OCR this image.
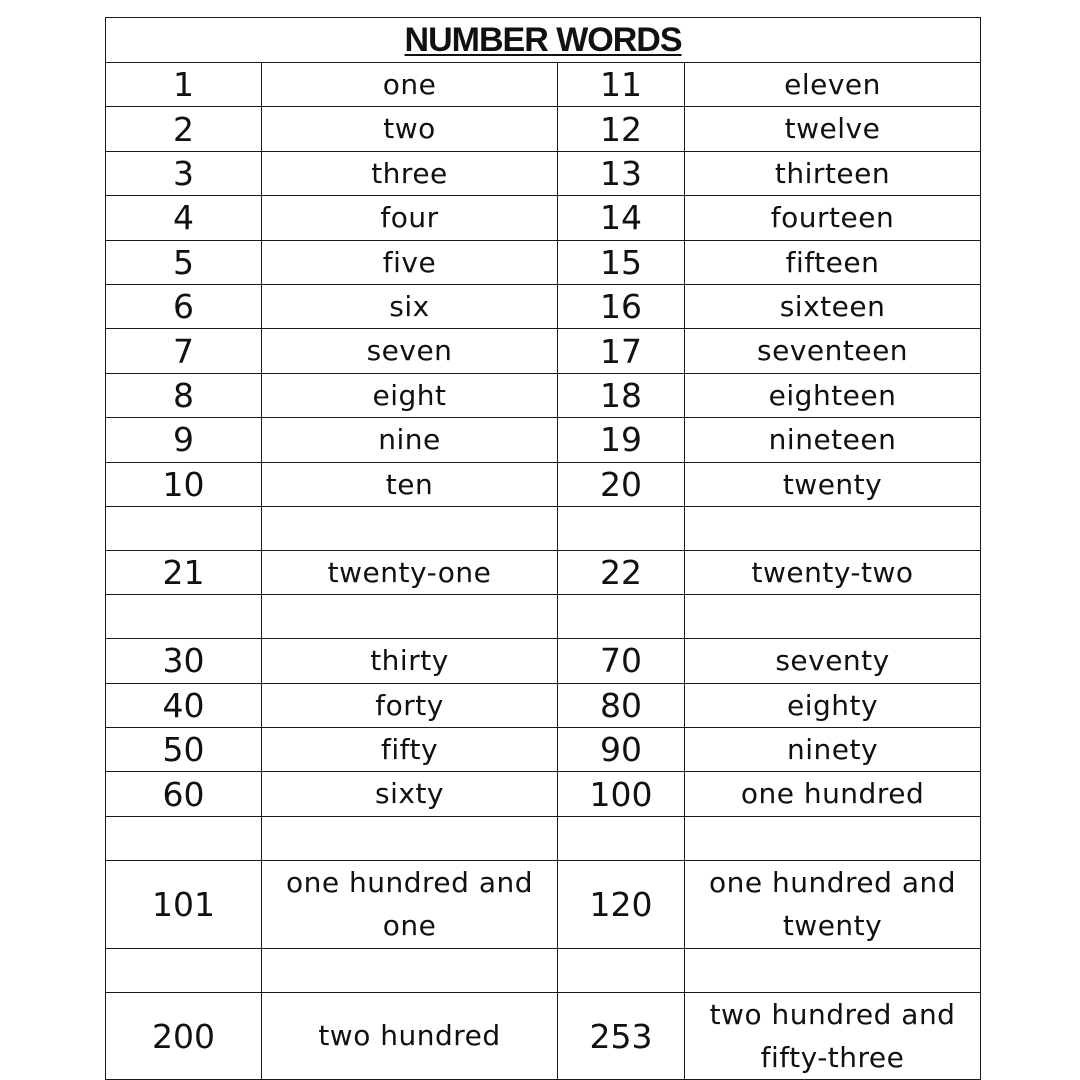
NUMBER WORDS			
1	one	11	eleven
2	two	12	twelve
3	three	13	thirteen
4	four	14	fourteen
5	five	15	fifteen
6	six	16	sixteen
7	seven	17	seventeen
8	eight	18	eighteen
9	nine	19	nineteen
10	ten	20	twenty

21	twenty-one	22	twenty-two

30	thirty	70	seventy
40	forty	80	eighty
50	fifty	90	ninety
60	sixty	100	one hundred

101	one hundred and one	120	one hundred and twenty

200	two hundred	253	two hundred and fifty-three
